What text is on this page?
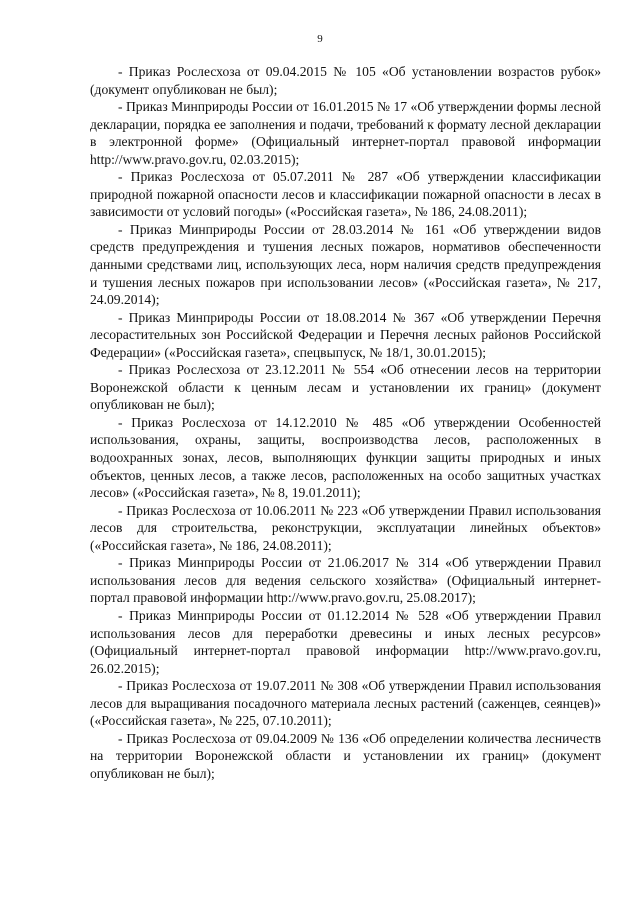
9

- Приказ Рослесхоза от 09.04.2015 № 105 «Об установлении возрастов рубок» (документ опубликован не был);

- Приказ Минприроды России от 16.01.2015 № 17 «Об утверждении формы лесной декларации, порядка ее заполнения и подачи, требований к формату лесной декларации в электронной форме» (Официальный интернет-портал правовой информации http://www.pravo.gov.ru, 02.03.2015);

- Приказ Рослесхоза от 05.07.2011 № 287 «Об утверждении классификации природной пожарной опасности лесов и классификации пожарной опасности в лесах в зависимости от условий погоды» («Российская газета», № 186, 24.08.2011);

- Приказ Минприроды России от 28.03.2014 № 161 «Об утверждении видов средств предупреждения и тушения лесных пожаров, нормативов обеспеченности данными средствами лиц, использующих леса, норм наличия средств предупреждения и тушения лесных пожаров при использовании лесов» («Российская газета», № 217, 24.09.2014);

- Приказ Минприроды России от 18.08.2014 № 367 «Об утверждении Перечня лесорастительных зон Российской Федерации и Перечня лесных районов Российской Федерации» («Российская газета», спецвыпуск, № 18/1, 30.01.2015);

- Приказ Рослесхоза от 23.12.2011 № 554 «Об отнесении лесов на территории Воронежской области к ценным лесам и установлении их границ» (документ опубликован не был);

- Приказ Рослесхоза от 14.12.2010 № 485 «Об утверждении Особенностей использования, охраны, защиты, воспроизводства лесов, расположенных в водоохранных зонах, лесов, выполняющих функции защиты природных и иных объектов, ценных лесов, а также лесов, расположенных на особо защитных участках лесов» («Российская газета», № 8, 19.01.2011);

- Приказ Рослесхоза от 10.06.2011 № 223 «Об утверждении Правил использования лесов для строительства, реконструкции, эксплуатации линейных объектов» («Российская газета», № 186, 24.08.2011);

- Приказ Минприроды России от 21.06.2017 № 314 «Об утверждении Правил использования лесов для ведения сельского хозяйства» (Официальный интернет-портал правовой информации http://www.pravo.gov.ru, 25.08.2017);

- Приказ Минприроды России от 01.12.2014 № 528 «Об утверждении Правил использования лесов для переработки древесины и иных лесных ресурсов» (Официальный интернет-портал правовой информации http://www.pravo.gov.ru, 26.02.2015);

- Приказ Рослесхоза от 19.07.2011 № 308 «Об утверждении Правил использования лесов для выращивания посадочного материала лесных растений (саженцев, сеянцев)» («Российская газета», № 225, 07.10.2011);

- Приказ Рослесхоза от 09.04.2009 № 136 «Об определении количества лесничеств на территории Воронежской области и установлении их границ» (документ опубликован не был);
